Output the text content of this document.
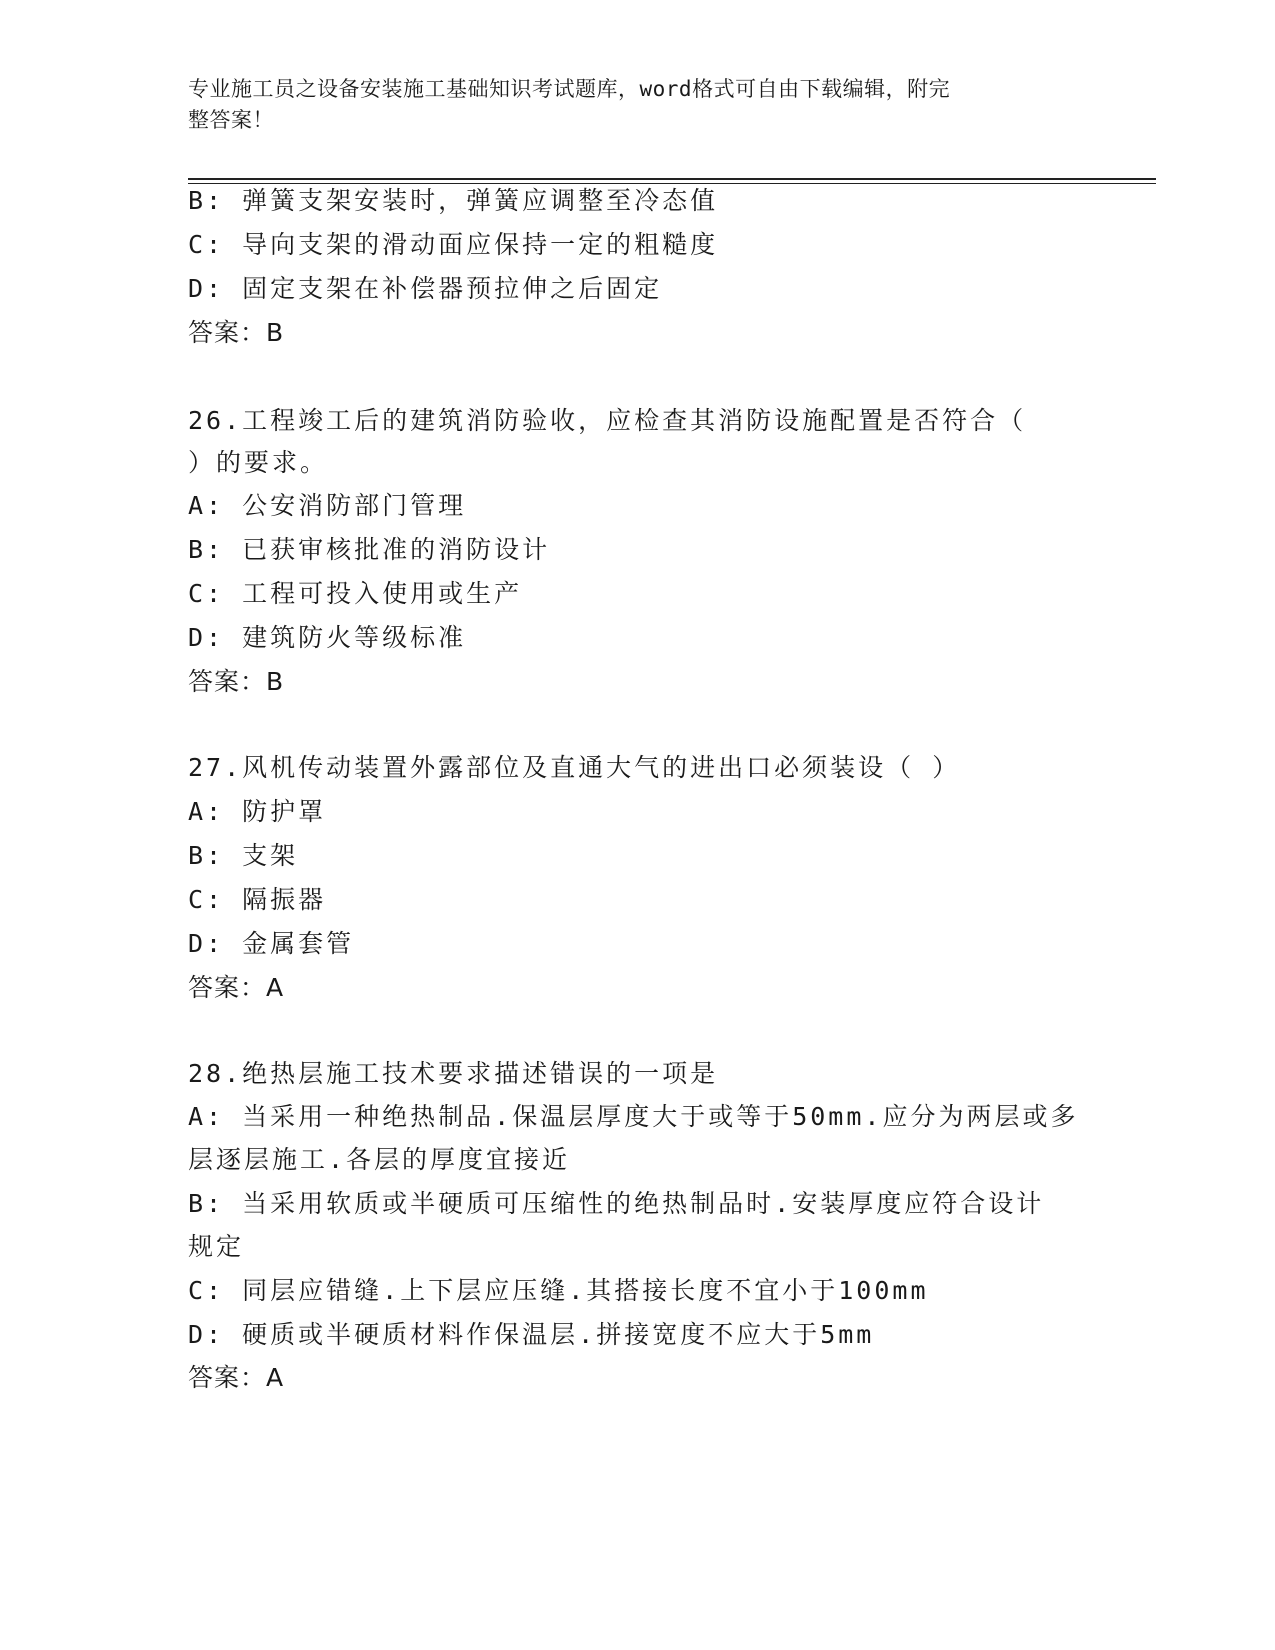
专业施工员之设备安装施工基础知识考试题库，word格式可自由下载编辑，附完
整答案！
B: 弹簧支架安装时，弹簧应调整至冷态值
C: 导向支架的滑动面应保持一定的粗糙度
D: 固定支架在补偿器预拉伸之后固定
答案：B
26.工程竣工后的建筑消防验收，应检查其消防设施配置是否符合（
）的要求。
A: 公安消防部门管理
B: 已获审核批准的消防设计
C: 工程可投入使用或生产
D: 建筑防火等级标准
答案：B
27.风机传动装置外露部位及直通大气的进出口必须装设（ ）
A: 防护罩
B: 支架
C: 隔振器
D: 金属套管
答案：A
28.绝热层施工技术要求描述错误的一项是
A: 当采用一种绝热制品.保温层厚度大于或等于50mm.应分为两层或多
层逐层施工.各层的厚度宜接近
B: 当采用软质或半硬质可压缩性的绝热制品时.安装厚度应符合设计
规定
C: 同层应错缝.上下层应压缝.其搭接长度不宜小于100mm
D: 硬质或半硬质材料作保温层.拼接宽度不应大于5mm
答案：A
